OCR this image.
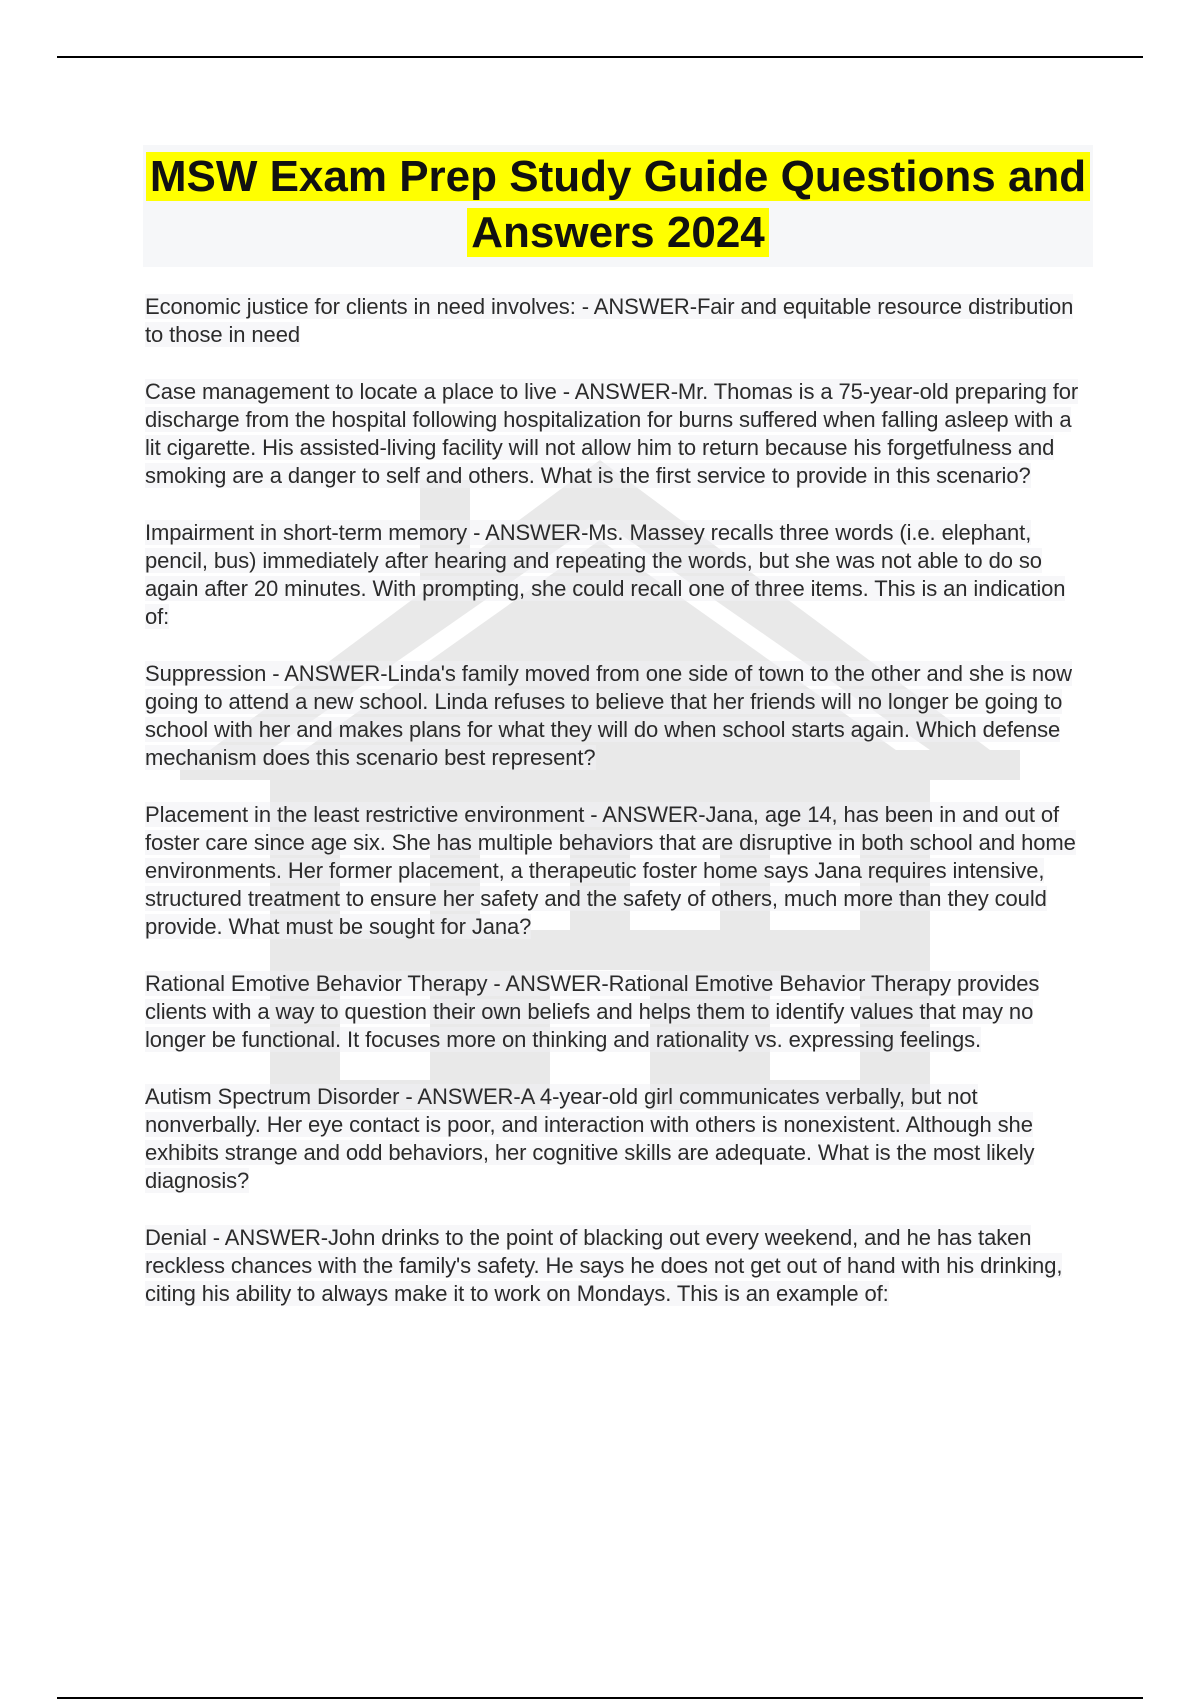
MSW Exam Prep Study Guide Questions and Answers 2024

Economic justice for clients in need involves: - ANSWER-Fair and equitable resource distribution to those in need

Case management to locate a place to live - ANSWER-Mr. Thomas is a 75-year-old preparing for discharge from the hospital following hospitalization for burns suffered when falling asleep with a lit cigarette. His assisted-living facility will not allow him to return because his forgetfulness and smoking are a danger to self and others. What is the first service to provide in this scenario?

Impairment in short-term memory - ANSWER-Ms. Massey recalls three words (i.e. elephant, pencil, bus) immediately after hearing and repeating the words, but she was not able to do so again after 20 minutes. With prompting, she could recall one of three items. This is an indication of:

Suppression - ANSWER-Linda's family moved from one side of town to the other and she is now going to attend a new school. Linda refuses to believe that her friends will no longer be going to school with her and makes plans for what they will do when school starts again. Which defense mechanism does this scenario best represent?

Placement in the least restrictive environment - ANSWER-Jana, age 14, has been in and out of foster care since age six. She has multiple behaviors that are disruptive in both school and home environments. Her former placement, a therapeutic foster home says Jana requires intensive, structured treatment to ensure her safety and the safety of others, much more than they could provide. What must be sought for Jana?

Rational Emotive Behavior Therapy - ANSWER-Rational Emotive Behavior Therapy provides clients with a way to question their own beliefs and helps them to identify values that may no longer be functional. It focuses more on thinking and rationality vs. expressing feelings.

Autism Spectrum Disorder - ANSWER-A 4-year-old girl communicates verbally, but not nonverbally. Her eye contact is poor, and interaction with others is nonexistent. Although she exhibits strange and odd behaviors, her cognitive skills are adequate. What is the most likely diagnosis?

Denial - ANSWER-John drinks to the point of blacking out every weekend, and he has taken reckless chances with the family's safety. He says he does not get out of hand with his drinking, citing his ability to always make it to work on Mondays. This is an example of:
